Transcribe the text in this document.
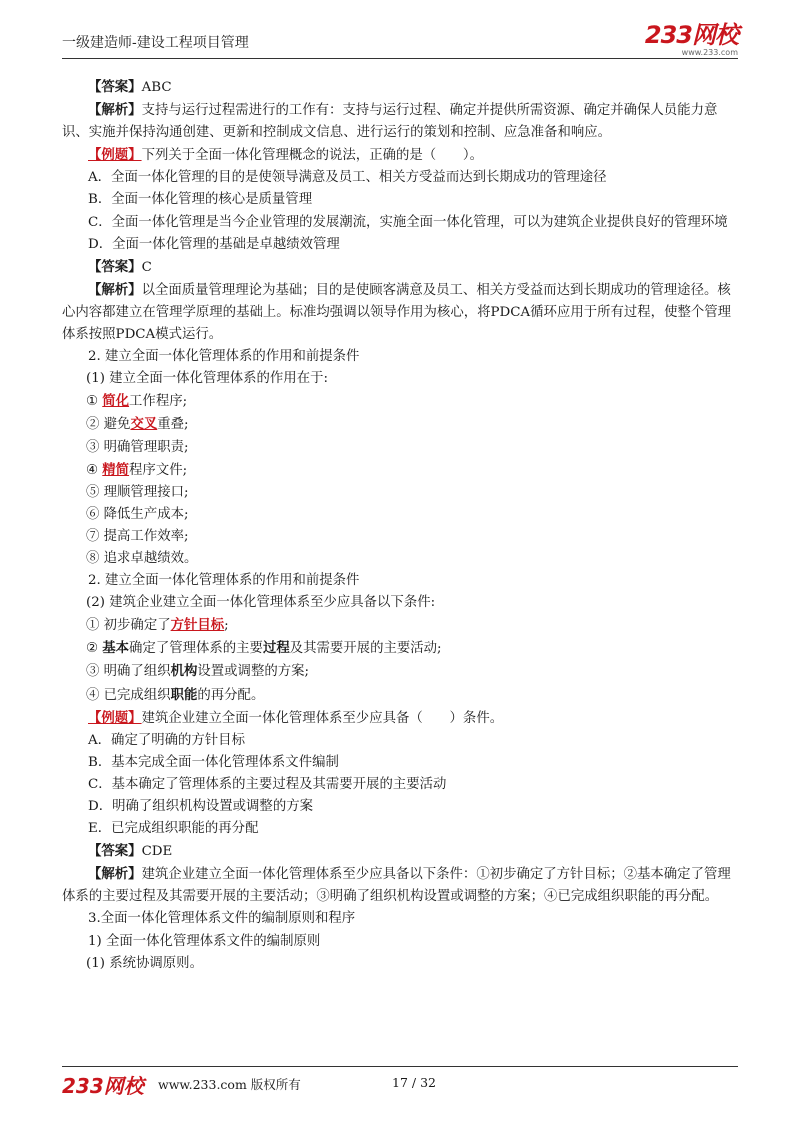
一级建造师-建设工程项目管理	233网校
www.233.com

【答案】ABC

【解析】支持与运行过程需进行的工作有：支持与运行过程、确定并提供所需资源、确定并确保人员能力意识、实施并保持沟通创建、更新和控制成文信息、进行运行的策划和控制、应急准备和响应。

【例题】下列关于全面一体化管理概念的说法，正确的是（　　）。

A．全面一体化管理的目的是使领导满意及员工、相关方受益而达到长期成功的管理途径

B．全面一体化管理的核心是质量管理

C．全面一体化管理是当今企业管理的发展潮流，实施全面一体化管理，可以为建筑企业提供良好的管理环境

D．全面一体化管理的基础是卓越绩效管理

【答案】C

【解析】以全面质量管理理论为基础；目的是使顾客满意及员工、相关方受益而达到长期成功的管理途径。核心内容都建立在管理学原理的基础上。标准均强调以领导作用为核心，将PDCA循环应用于所有过程，使整个管理体系按照PDCA模式运行。

2. 建立全面一体化管理体系的作用和前提条件

(1) 建立全面一体化管理体系的作用在于:

① 简化工作程序;

② 避免交叉重叠;

③ 明确管理职责;

④ 精简程序文件;

⑤ 理顺管理接口;

⑥ 降低生产成本;

⑦ 提高工作效率;

⑧ 追求卓越绩效。

2. 建立全面一体化管理体系的作用和前提条件

(2) 建筑企业建立全面一体化管理体系至少应具备以下条件:

① 初步确定了方针目标;

② 基本确定了管理体系的主要过程及其需要开展的主要活动;

③ 明确了组织机构设置或调整的方案;

④ 已完成组织职能的再分配。

【例题】建筑企业建立全面一体化管理体系至少应具备（　　）条件。

A．确定了明确的方针目标

B．基本完成全面一体化管理体系文件编制

C．基本确定了管理体系的主要过程及其需要开展的主要活动

D．明确了组织机构设置或调整的方案

E．已完成组织职能的再分配

【答案】CDE

【解析】建筑企业建立全面一体化管理体系至少应具备以下条件：①初步确定了方针目标；②基本确定了管理体系的主要过程及其需要开展的主要活动；③明确了组织机构设置或调整的方案；④已完成组织职能的再分配。

3.全面一体化管理体系文件的编制原则和程序

1) 全面一体化管理体系文件的编制原则

(1) 系统协调原则。

233网校 www.233.com 版权所有	17 / 32
